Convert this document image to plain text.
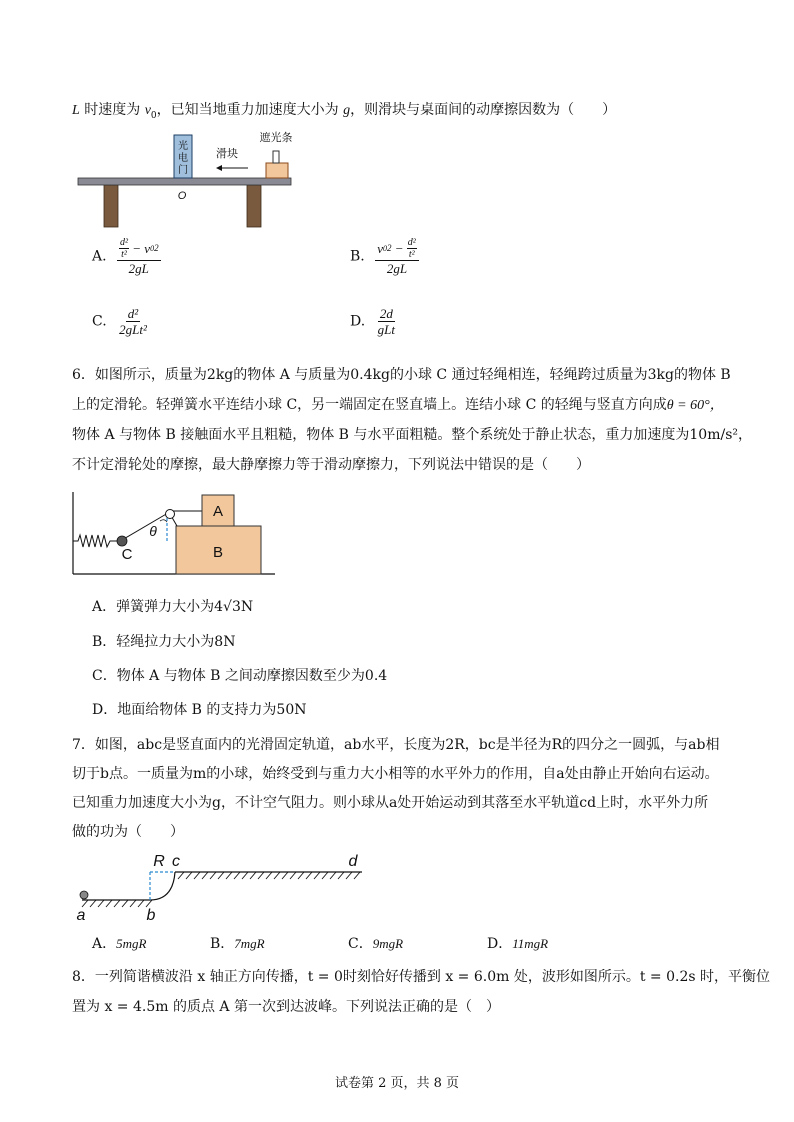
L 时速度为 $v_0$，已知当地重力加速度大小为 g，则滑块与桌面间的动摩擦因数为（　　）
光
电
门
滑块
遮光条
O
A. $\frac{\frac{\text{d²}}{\text{t²}} - v 0 2}{2gL}$	B. $\frac{v 0 2 - \frac{\text{d²}}{\text{t²}}}{2gL}$
C. $\frac{\text{d²}}{\text{2gLt²}}$	D. $\frac{2d}{\text{gLt}}$
6．如图所示，质量为2kg的物体 A 与质量为0.4kg的小球 C 通过轻绳相连，轻绳跨过质量为3kg的物体 B
上的定滑轮。轻弹簧水平连结小球 C，另一端固定在竖直墙上。连结小球 C 的轻绳与竖直方向成θ = 60°，
物体 A 与物体 B 接触面水平且粗糙，物体 B 与水平面粗糙。整个系统处于静止状态，重力加速度为10m/s²，
不计定滑轮处的摩擦，最大静摩擦力等于滑动摩擦力，下列说法中错误的是（　　）
A
B
C
θ
A．弹簧弹力大小为4√3N
B．轻绳拉力大小为8N
C．物体 A 与物体 B 之间动摩擦因数至少为0.4
D．地面给物体 B 的支持力为50N
7．如图，abc是竖直面内的光滑固定轨道，ab水平，长度为2R，bc是半径为R的四分之一圆弧，与ab相
切于b点。一质量为m的小球，始终受到与重力大小相等的水平外力的作用，自a处由静止开始向右运动。
已知重力加速度大小为g，不计空气阻力。则小球从a处开始运动到其落至水平轨道cd上时，水平外力所
做的功为（　　）
R c	d
a	b
A．5mgR	B．7mgR	C．9mgR	D．11mgR
8．一列简谐横波沿 x 轴正方向传播，t = 0时刻恰好传播到 x = 6.0m 处，波形如图所示。t = 0.2s 时，平衡位
置为 x = 4.5m 的质点 A 第一次到达波峰。下列说法正确的是（　）
试卷第 2 页，共 8 页
